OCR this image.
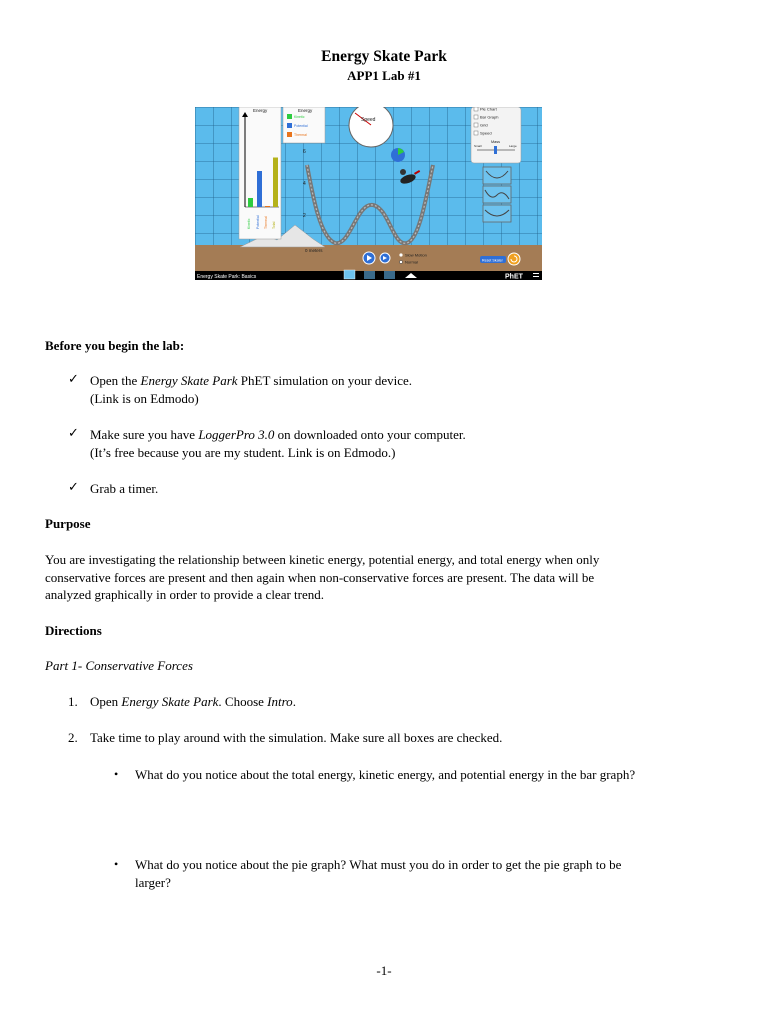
Energy Skate Park
APP1 Lab #1
6
4
2
0 meters
Energy
Kinetic Potential Thermal Total
Energy
Kinetic
Potential
Thermal
Speed
Pie Chart
Bar Graph
Grid
Speed
Mass
Small	Large
Slow Motion
Normal	Reset Skater
Energy Skate Park: Basics	PhET
Before you begin the lab:
✓ Open the Energy Skate Park PhET simulation on your device.
(Link is on Edmodo)
✓ Make sure you have LoggerPro 3.0 on downloaded onto your computer.
(It’s free because you are my student. Link is on Edmodo.)
✓ Grab a timer.
Purpose
You are investigating the relationship between kinetic energy, potential energy, and total energy when only
conservative forces are present and then again when non-conservative forces are present. The data will be
analyzed graphically in order to provide a clear trend.
Directions
Part 1- Conservative Forces
1. Open Energy Skate Park. Choose Intro.
2. Take time to play around with the simulation. Make sure all boxes are checked.
• What do you notice about the total energy, kinetic energy, and potential energy in the bar graph?
• What do you notice about the pie graph? What must you do in order to get the pie graph to be
larger?
-1-
